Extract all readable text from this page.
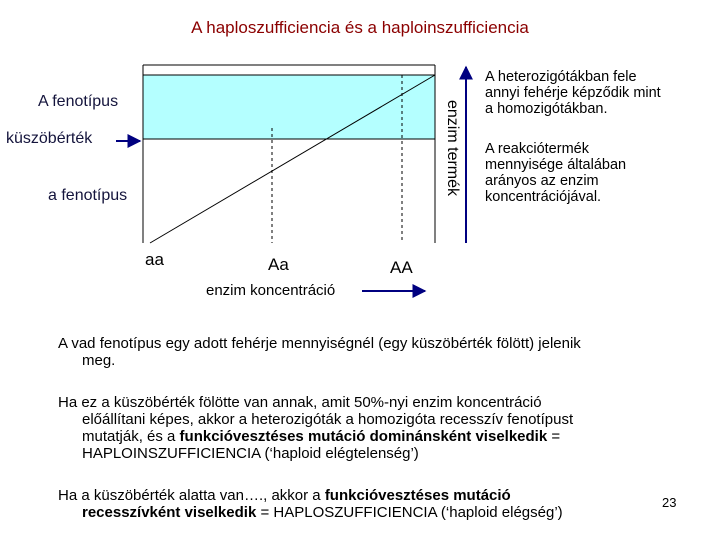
A haploszufficiencia és a haploinszufficiencia
A fenotípus
küszöbérték
a fenotípus	enzim termék
aa	Aa	AA
enzim koncentráció
A heterozigótákban fele
annyi fehérje képződik mint
a homozigótákban.
A reakciótermék
mennyisége általában
arányos az enzim
koncentrációjával.
A vad fenotípus egy adott fehérje mennyiségnél (egy küszöbérték fölött) jelenik
meg.
Ha ez a küszöbérték fölötte van annak, amit 50%-nyi enzim koncentráció
előállítani képes, akkor a heterozigóták a homozigóta recesszív fenotípust
mutatják, és a funkcióvesztéses mutáció dominánsként viselkedik =
HAPLOINSZUFFICIENCIA (‘haploid elégtelenség’)
Ha a küszöbérték alatta van…., akkor a funkcióvesztéses mutáció
recesszívként viselkedik = HAPLOSZUFFICIENCIA (‘haploid elégség’)
23
